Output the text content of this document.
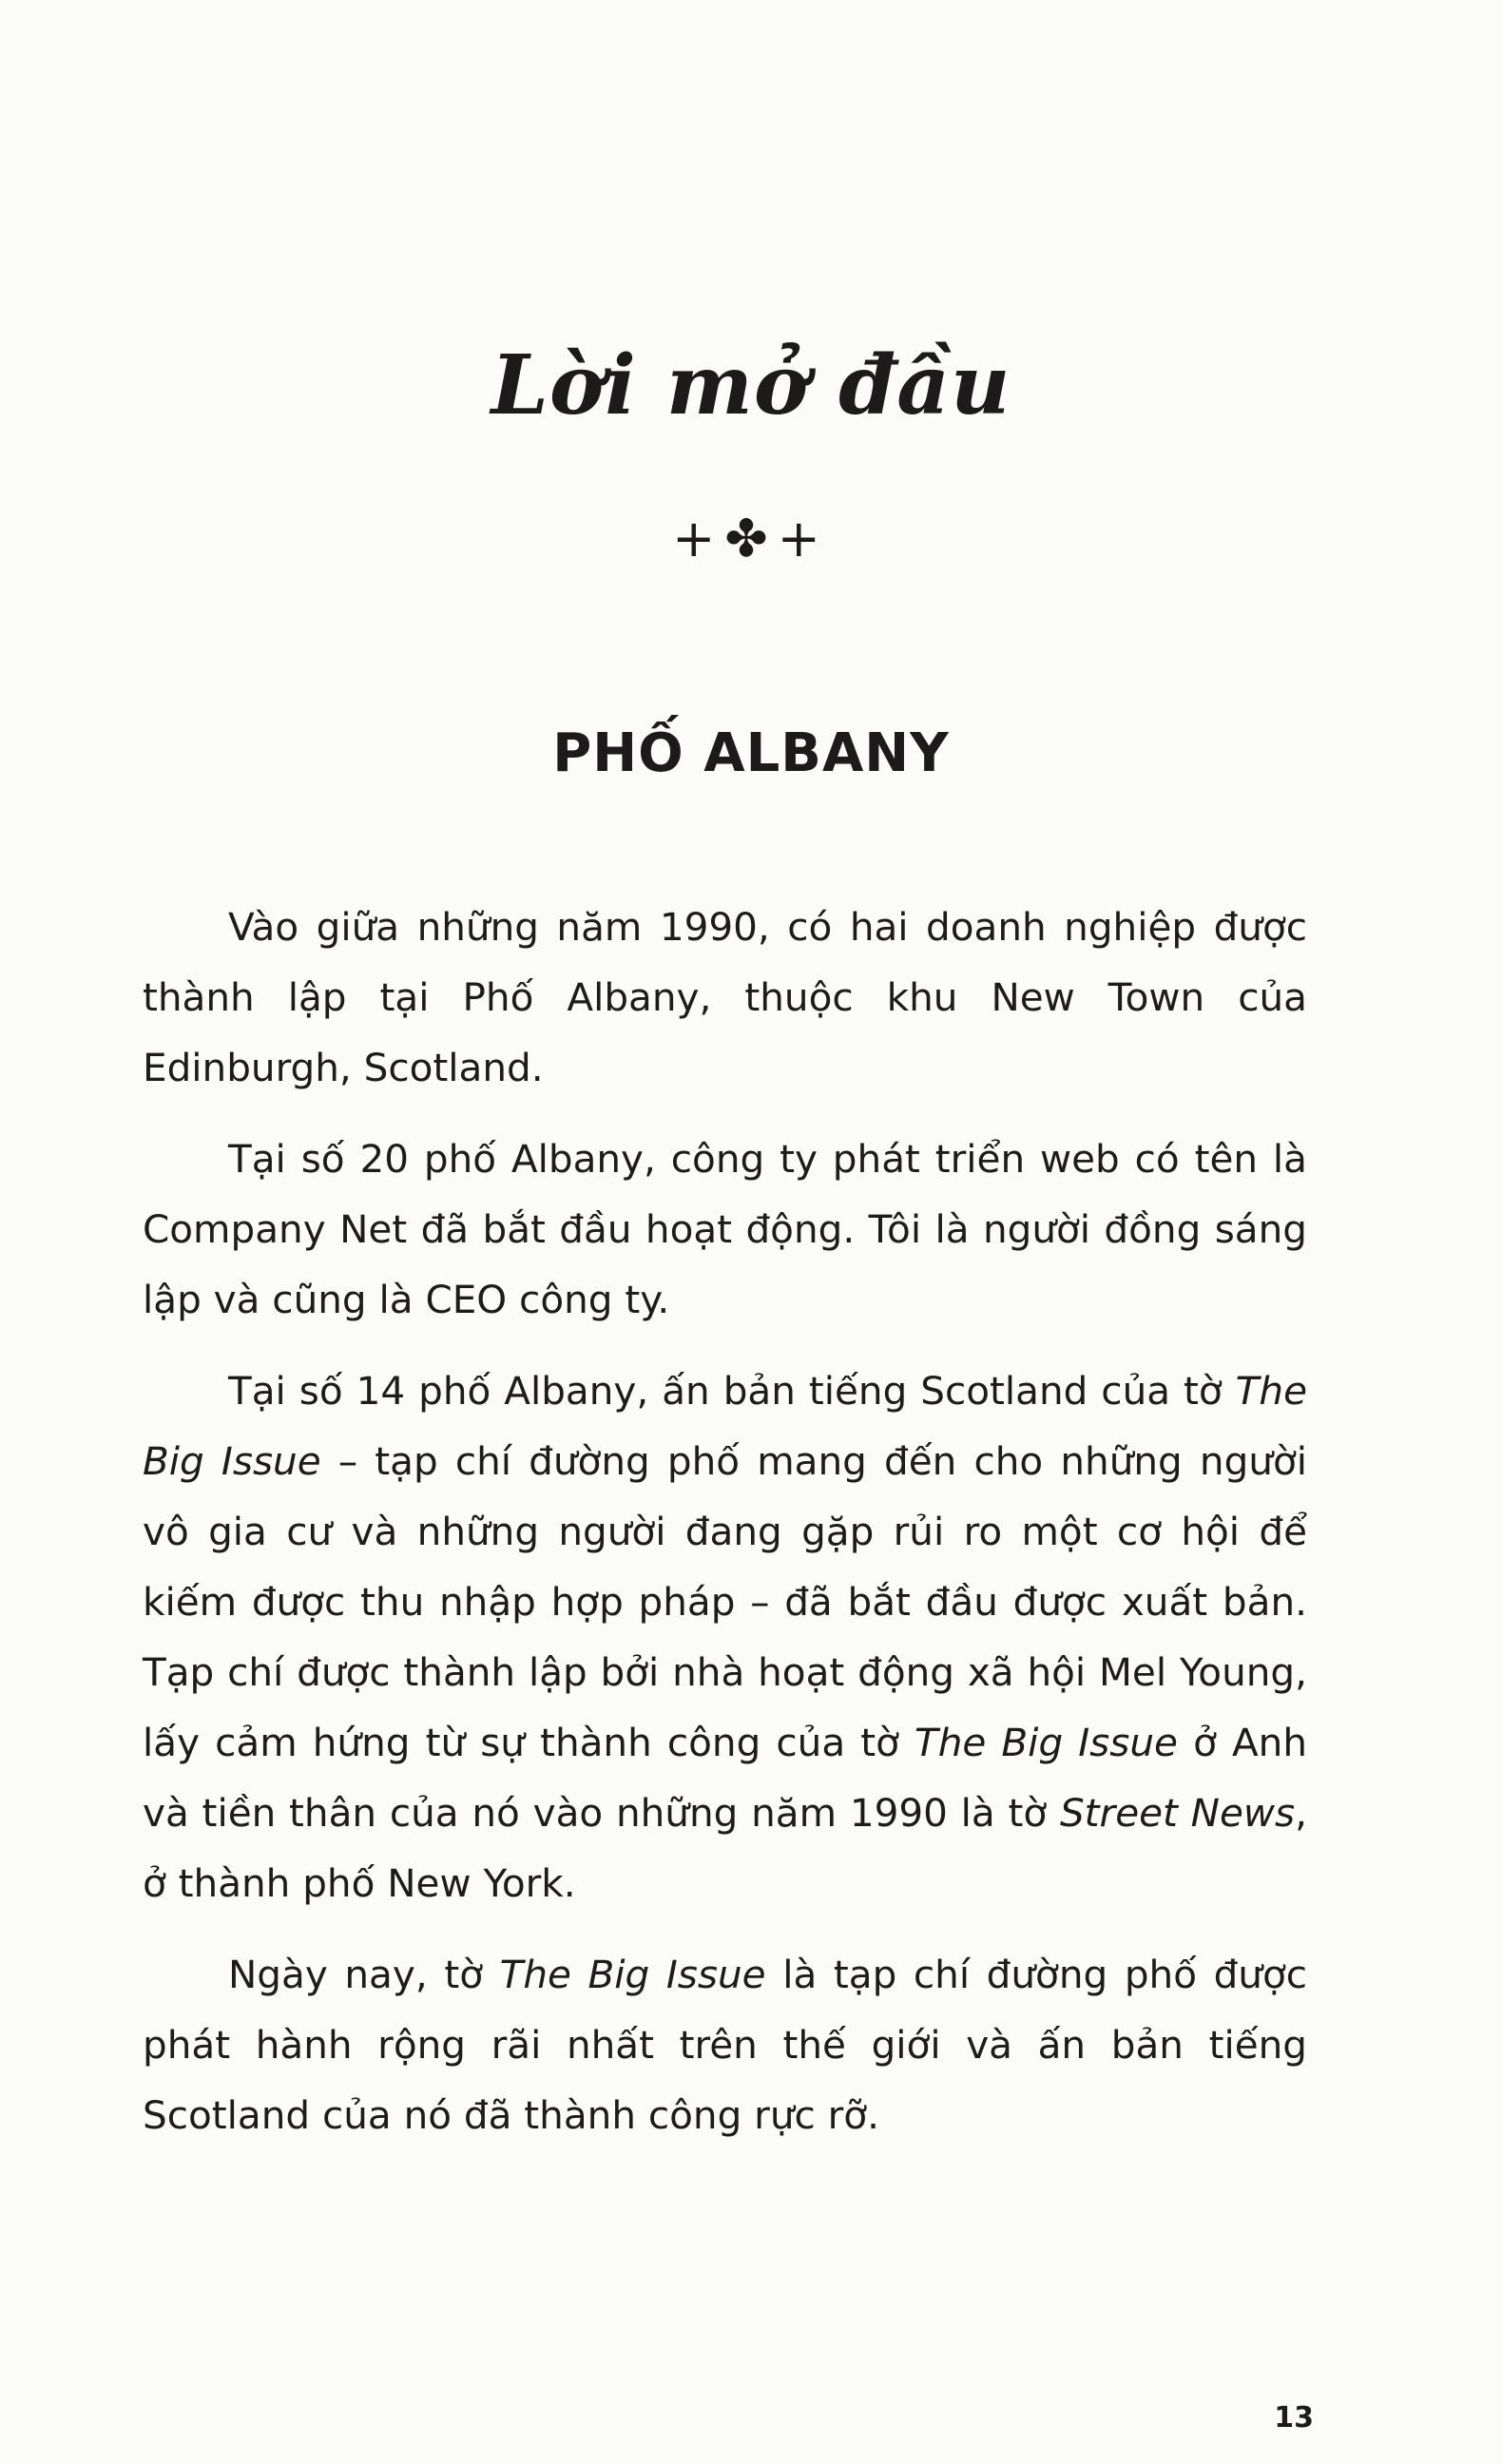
Lời mở đầu
+✤+
PHỐ ALBANY

Vào giữa những năm 1990, có hai doanh nghiệp được thành lập tại Phố Albany, thuộc khu New Town của Edinburgh, Scotland.

Tại số 20 phố Albany, công ty phát triển web có tên là Company Net đã bắt đầu hoạt động. Tôi là người đồng sáng lập và cũng là CEO công ty.

Tại số 14 phố Albany, ấn bản tiếng Scotland của tờ The Big Issue – tạp chí đường phố mang đến cho những người vô gia cư và những người đang gặp rủi ro một cơ hội để kiếm được thu nhập hợp pháp – đã bắt đầu được xuất bản. Tạp chí được thành lập bởi nhà hoạt động xã hội Mel Young, lấy cảm hứng từ sự thành công của tờ The Big Issue ở Anh và tiền thân của nó vào những năm 1990 là tờ Street News, ở thành phố New York.

Ngày nay, tờ The Big Issue là tạp chí đường phố được phát hành rộng rãi nhất trên thế giới và ấn bản tiếng Scotland của nó đã thành công rực rỡ.

13
